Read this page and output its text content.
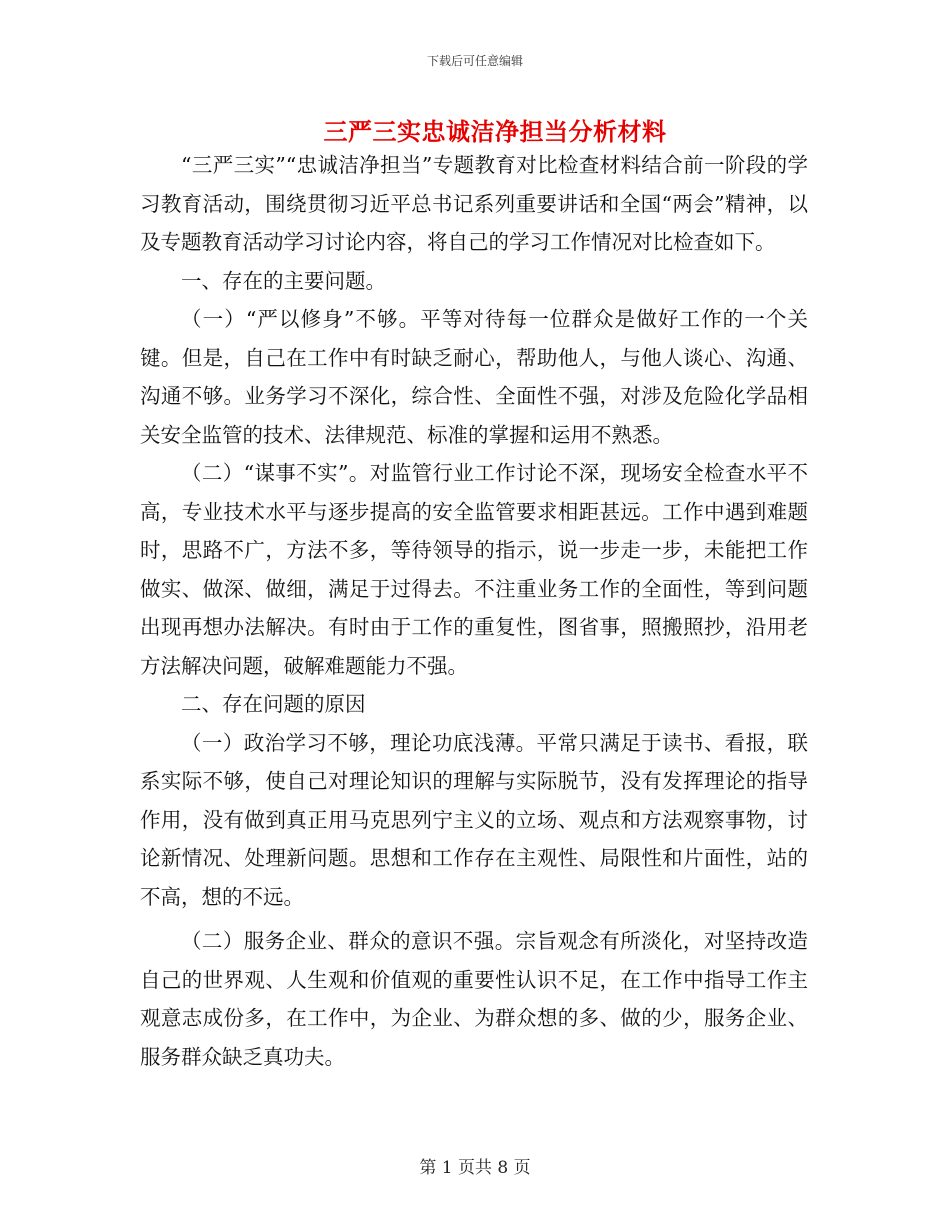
下载后可任意编辑
三严三实忠诚洁净担当分析材料

“三严三实”“忠诚洁净担当”专题教育对比检查材料结合前一阶段的学习教育活动，围绕贯彻习近平总书记系列重要讲话和全国“两会”精神，以及专题教育活动学习讨论内容，将自己的学习工作情况对比检查如下。

一、存在的主要问题。

（一）“严以修身”不够。平等对待每一位群众是做好工作的一个关键。但是，自己在工作中有时缺乏耐心，帮助他人，与他人谈心、沟通、沟通不够。业务学习不深化，综合性、全面性不强，对涉及危险化学品相关安全监管的技术、法律规范、标准的掌握和运用不熟悉。

（二）“谋事不实”。对监管行业工作讨论不深，现场安全检查水平不高，专业技术水平与逐步提高的安全监管要求相距甚远。工作中遇到难题时，思路不广，方法不多，等待领导的指示，说一步走一步，未能把工作做实、做深、做细，满足于过得去。不注重业务工作的全面性，等到问题出现再想办法解决。有时由于工作的重复性，图省事，照搬照抄，沿用老方法解决问题，破解难题能力不强。

二、存在问题的原因

（一）政治学习不够，理论功底浅薄。平常只满足于读书、看报，联系实际不够，使自己对理论知识的理解与实际脱节，没有发挥理论的指导作用，没有做到真正用马克思列宁主义的立场、观点和方法观察事物，讨论新情况、处理新问题。思想和工作存在主观性、局限性和片面性，站的不高，想的不远。

（二）服务企业、群众的意识不强。宗旨观念有所淡化，对坚持改造自己的世界观、人生观和价值观的重要性认识不足，在工作中指导工作主观意志成份多，在工作中，为企业、为群众想的多、做的少，服务企业、服务群众缺乏真功夫。

第 1 页共 8 页
